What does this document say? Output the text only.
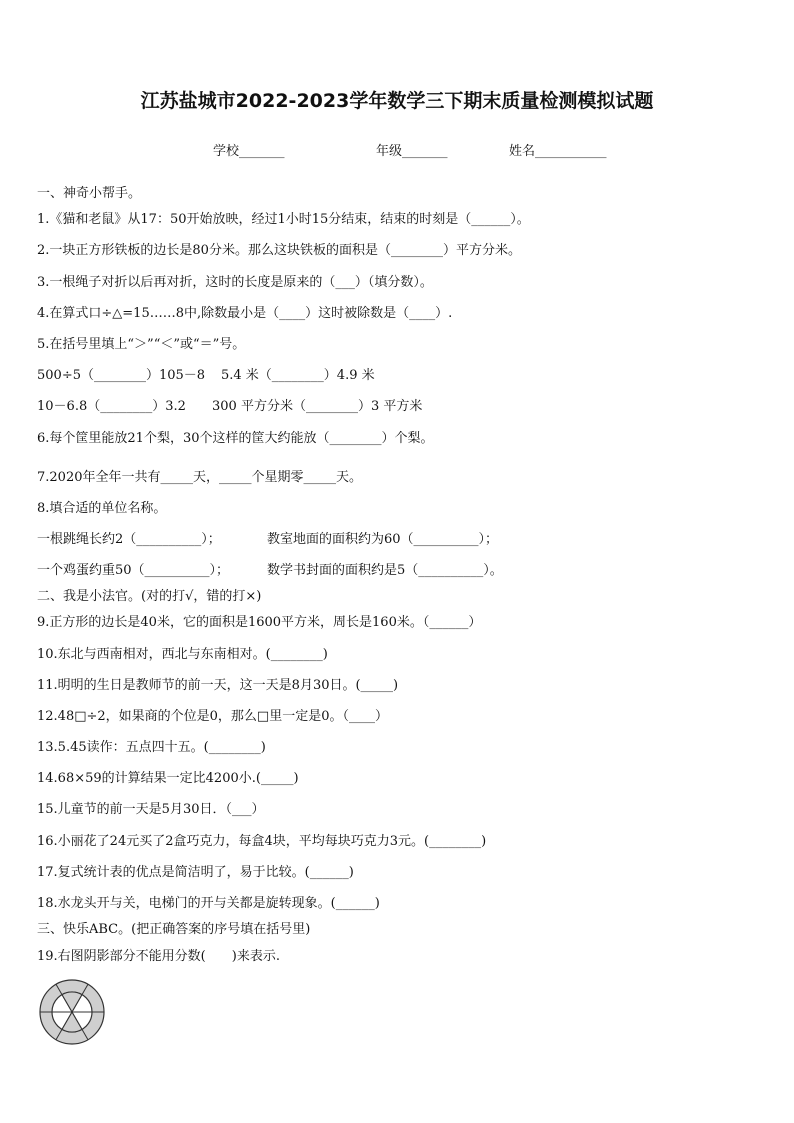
江苏盐城市2022-2023学年数学三下期末质量检测模拟试题
学校_______	年级_______	姓名___________
一、神奇小帮手。
1.《猫和老鼠》从17：50开始放映，经过1小时15分结束，结束的时刻是（______）。
2.一块正方形铁板的边长是80分米。那么这块铁板的面积是（________）平方分米。
3.一根绳子对折以后再对折，这时的长度是原来的（___）（填分数）。
4.在算式口÷△=15……8中,除数最小是（____）这时被除数是（____）.
5.在括号里填上“＞”“＜”或“＝”号。
500÷5（________）105－8 5.4 米（________）4.9 米
10－6.8（________）3.2 300 平方分米（________）3 平方米
6.每个筐里能放21个梨，30个这样的筐大约能放（________）个梨。
7.2020年全年一共有_____天，_____个星期零_____天。
8.填合适的单位名称。
一根跳绳长约2（__________）；	教室地面的面积约为60（__________）；
一个鸡蛋约重50（__________）；	数学书封面的面积约是5（__________）。
二、我是小法官。(对的打√，错的打×)
9.正方形的边长是40米，它的面积是1600平方米，周长是160米。（______）
10.东北与西南相对，西北与东南相对。(________)
11.明明的生日是教师节的前一天，这一天是8月30日。(_____)
12.48□÷2，如果商的个位是0，那么□里一定是0。（____）
13.5.45读作：五点四十五。(________)
14.68×59的计算结果一定比4200小.(_____)
15.儿童节的前一天是5月30日．（___）
16.小丽花了24元买了2盒巧克力，每盒4块，平均每块巧克力3元。(________)
17.复式统计表的优点是简洁明了，易于比较。(______)
18.水龙头开与关，电梯门的开与关都是旋转现象。(______)
三、快乐ABC。(把正确答案的序号填在括号里)
19.右图阴影部分不能用分数(　　)来表示.
